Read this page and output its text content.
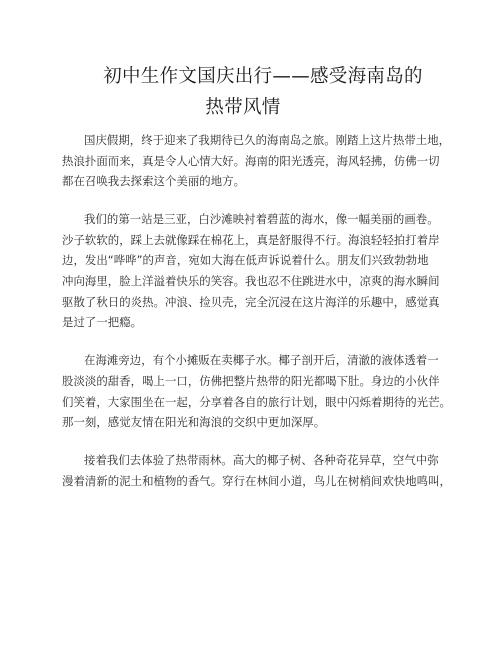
初中生作文国庆出行——感受海南岛的
热带风情
国庆假期，终于迎来了我期待已久的海南岛之旅。刚踏上这片热带土地，
热浪扑面而来，真是令人心情大好。海南的阳光透亮，海风轻拂，仿佛一切
都在召唤我去探索这个美丽的地方。
我们的第一站是三亚，白沙滩映衬着碧蓝的海水，像一幅美丽的画卷。
沙子软软的，踩上去就像踩在棉花上，真是舒服得不行。海浪轻轻拍打着岸
边，发出“哗哗”的声音，宛如大海在低声诉说着什么。朋友们兴致勃勃地
冲向海里，脸上洋溢着快乐的笑容。我也忍不住跳进水中，凉爽的海水瞬间
驱散了秋日的炎热。冲浪、捡贝壳，完全沉浸在这片海洋的乐趣中，感觉真
是过了一把瘾。
在海滩旁边，有个小摊贩在卖椰子水。椰子剖开后，清澈的液体透着一
股淡淡的甜香，喝上一口，仿佛把整片热带的阳光都喝下肚。身边的小伙伴
们笑着，大家围坐在一起，分享着各自的旅行计划，眼中闪烁着期待的光芒。
那一刻，感觉友情在阳光和海浪的交织中更加深厚。
接着我们去体验了热带雨林。高大的椰子树、各种奇花异草，空气中弥
漫着清新的泥土和植物的香气。穿行在林间小道，鸟儿在树梢间欢快地鸣叫，
